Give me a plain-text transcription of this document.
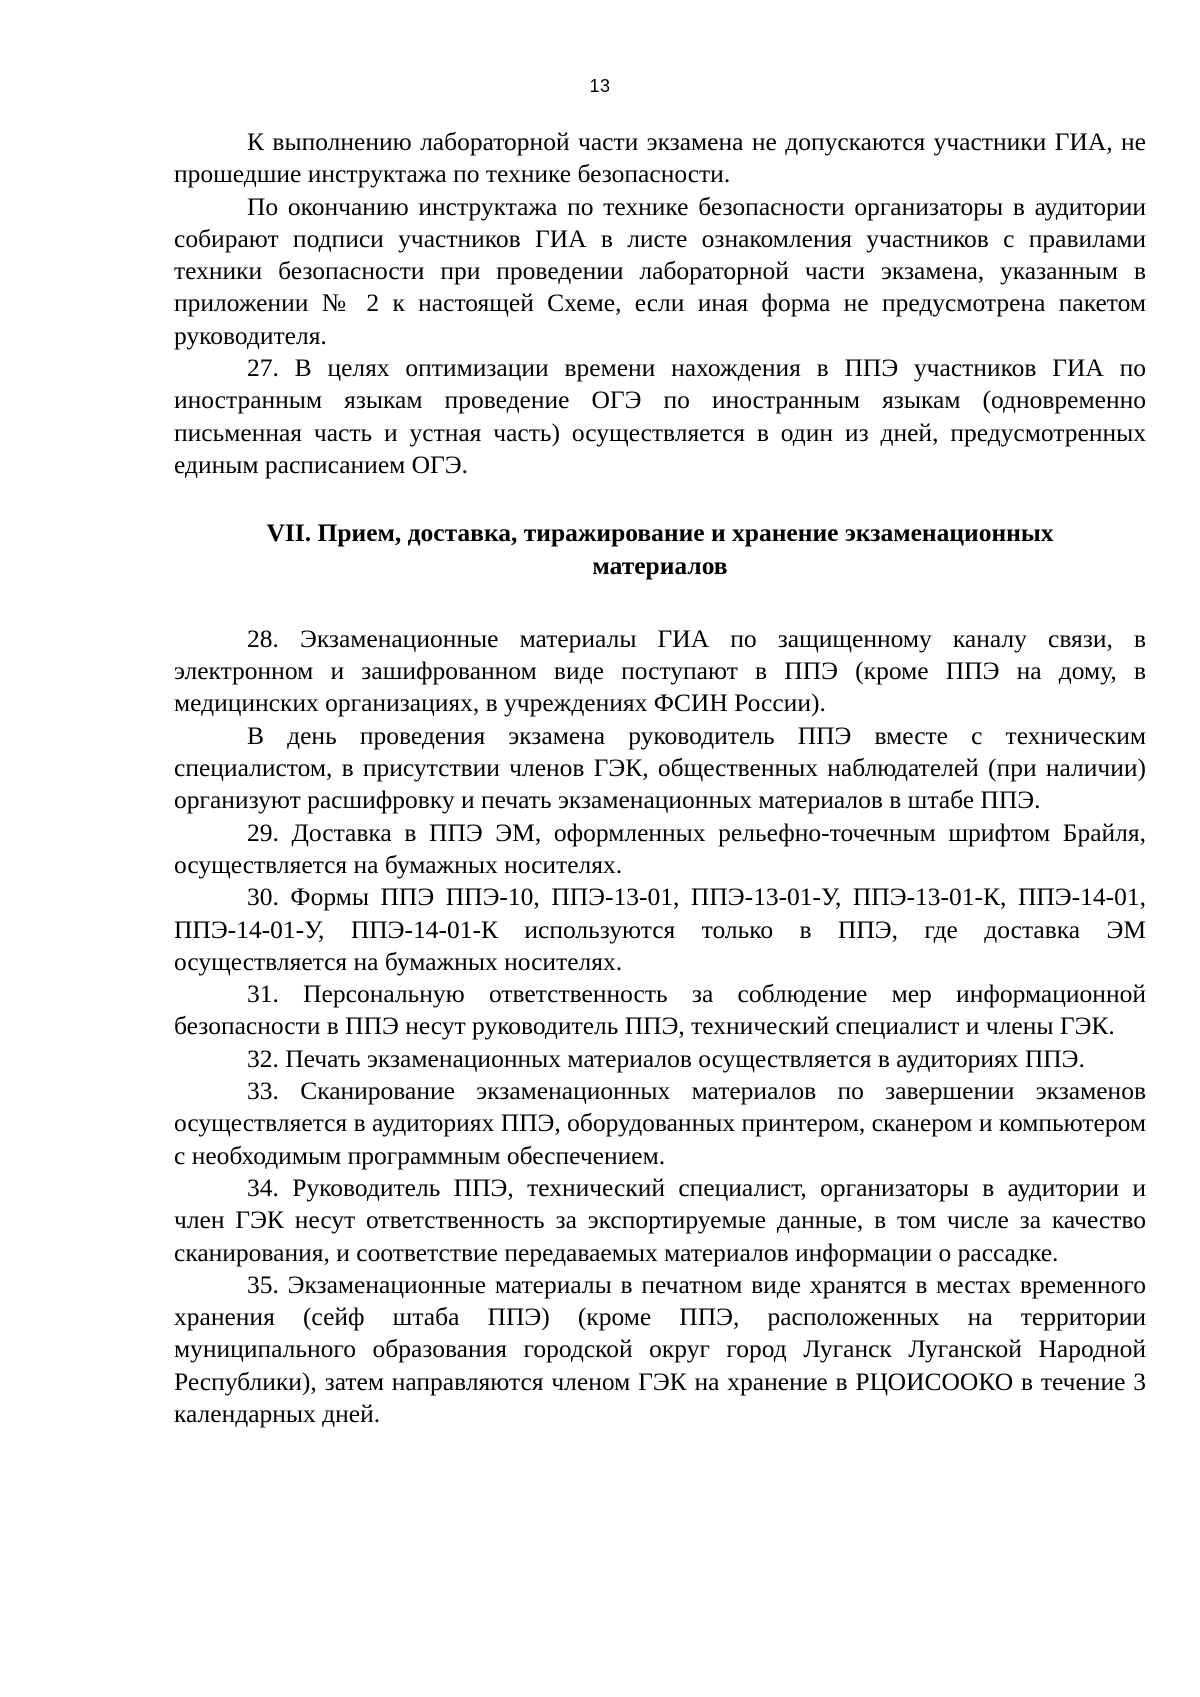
13

К выполнению лабораторной части экзамена не допускаются участники ГИА, не прошедшие инструктажа по технике безопасности.

По окончанию инструктажа по технике безопасности организаторы в аудитории собирают подписи участников ГИА в листе ознакомления участников с правилами техники безопасности при проведении лабораторной части экзамена, указанным в приложении № 2 к настоящей Схеме, если иная форма не предусмотрена пакетом руководителя.

27. В целях оптимизации времени нахождения в ППЭ участников ГИА по иностранным языкам проведение ОГЭ по иностранным языкам (одновременно письменная часть и устная часть) осуществляется в один из дней, предусмотренных единым расписанием ОГЭ.

VII. Прием, доставка, тиражирование и хранение экзаменационных материалов

28. Экзаменационные материалы ГИА по защищенному каналу связи, в электронном и зашифрованном виде поступают в ППЭ (кроме ППЭ на дому, в медицинских организациях, в учреждениях ФСИН России).

В день проведения экзамена руководитель ППЭ вместе с техническим специалистом, в присутствии членов ГЭК, общественных наблюдателей (при наличии) организуют расшифровку и печать экзаменационных материалов в штабе ППЭ.

29. Доставка в ППЭ ЭМ, оформленных рельефно-точечным шрифтом Брайля, осуществляется на бумажных носителях.

30. Формы ППЭ ППЭ-10, ППЭ-13-01, ППЭ-13-01-У, ППЭ-13-01-К, ППЭ-14-01, ППЭ-14-01-У, ППЭ-14-01-К используются только в ППЭ, где доставка ЭМ осуществляется на бумажных носителях.

31. Персональную ответственность за соблюдение мер информационной безопасности в ППЭ несут руководитель ППЭ, технический специалист и члены ГЭК.

32. Печать экзаменационных материалов осуществляется в аудиториях ППЭ.

33. Сканирование экзаменационных материалов по завершении экзаменов осуществляется в аудиториях ППЭ, оборудованных принтером, сканером и компьютером с необходимым программным обеспечением.

34. Руководитель ППЭ, технический специалист, организаторы в аудитории и член ГЭК несут ответственность за экспортируемые данные, в том числе за качество сканирования, и соответствие передаваемых материалов информации о рассадке.

35. Экзаменационные материалы в печатном виде хранятся в местах временного хранения (сейф штаба ППЭ) (кроме ППЭ, расположенных на территории муниципального образования городской округ город Луганск Луганской Народной Республики), затем направляются членом ГЭК на хранение в РЦОИСООКО в течение 3 календарных дней.
